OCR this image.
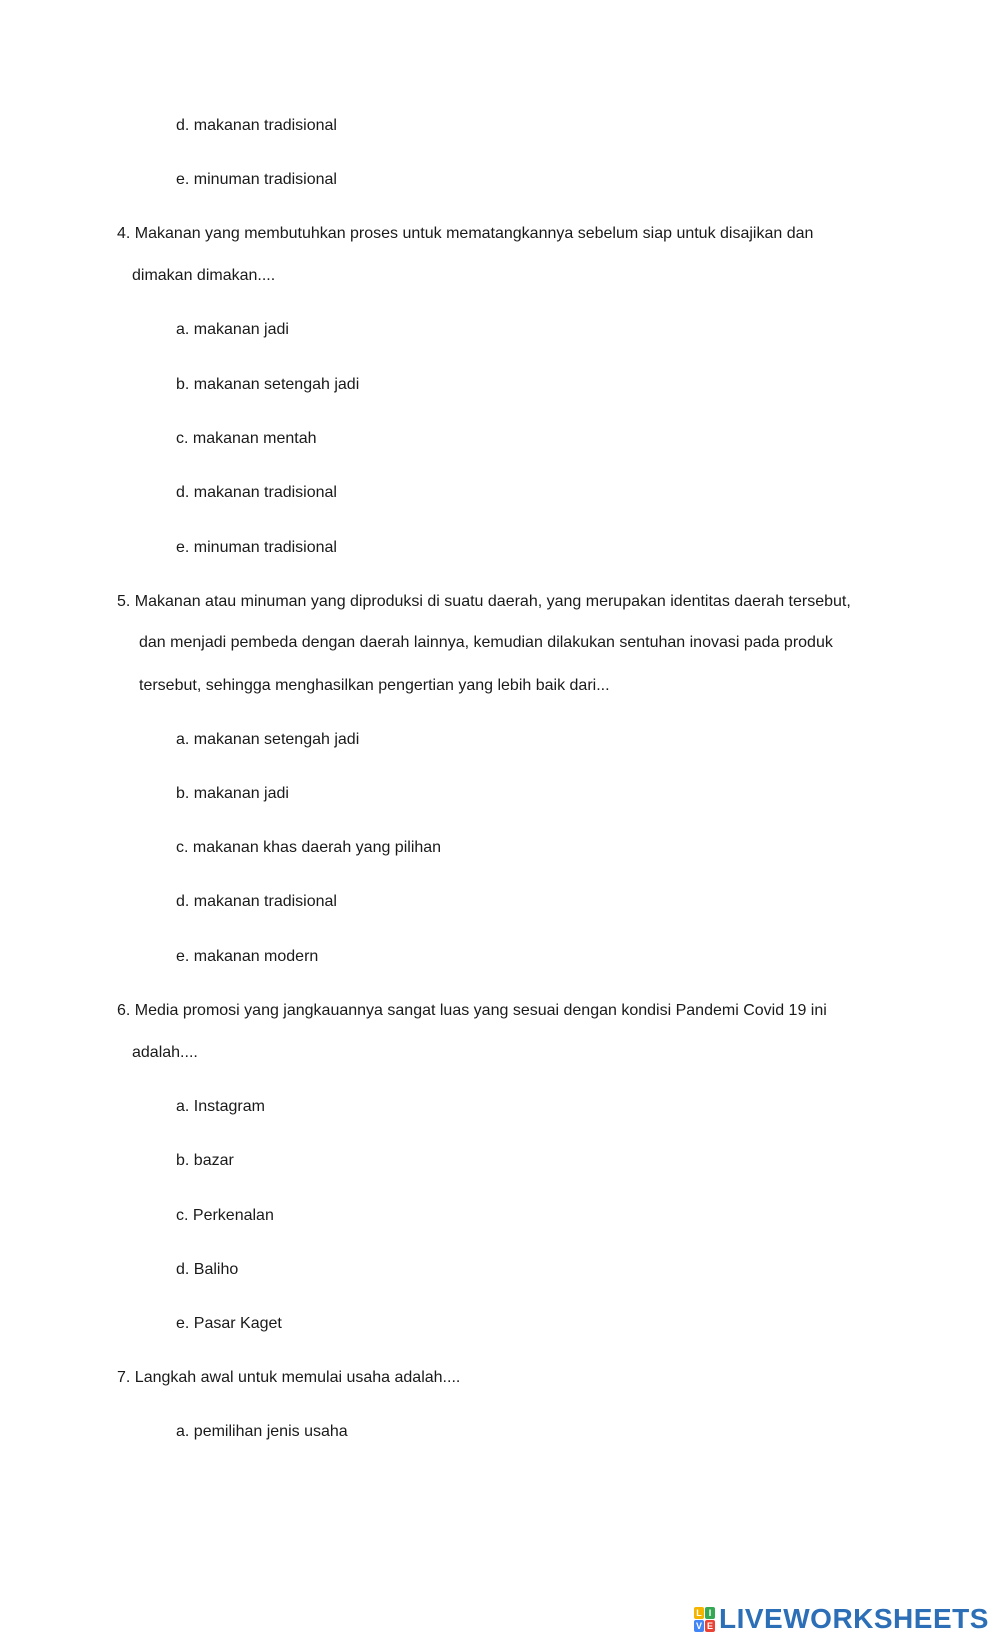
d. makanan tradisional
e. minuman tradisional
4. Makanan yang membutuhkan proses untuk mematangkannya sebelum siap untuk disajikan dan
dimakan dimakan....
a. makanan jadi
b. makanan setengah jadi
c. makanan mentah
d. makanan tradisional
e. minuman tradisional
5. Makanan atau minuman yang diproduksi di suatu daerah, yang merupakan identitas daerah tersebut,
dan menjadi pembeda dengan daerah lainnya, kemudian dilakukan sentuhan inovasi pada produk
tersebut, sehingga menghasilkan pengertian yang lebih baik dari...
a. makanan setengah jadi
b. makanan jadi
c. makanan khas daerah yang pilihan
d. makanan tradisional
e. makanan modern
6. Media promosi yang jangkauannya sangat luas yang sesuai dengan kondisi Pandemi Covid 19 ini
adalah....
a. Instagram
b. bazar
c. Perkenalan
d. Baliho
e. Pasar Kaget
7. Langkah awal untuk memulai usaha adalah....
a. pemilihan jenis usaha
L I
V E LIVEWORKSHEETS
